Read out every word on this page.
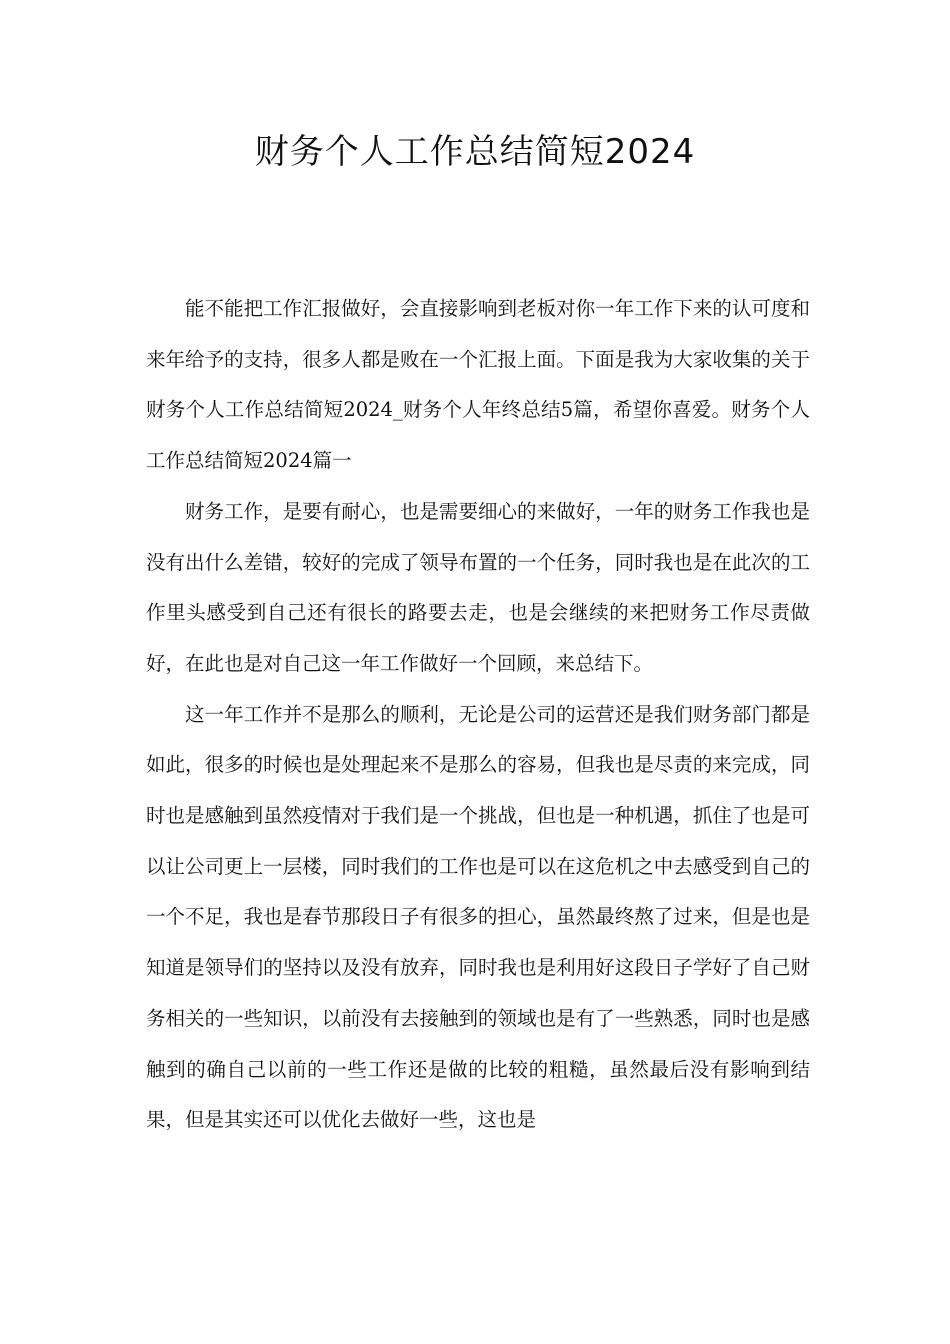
财务个人工作总结简短2024

能不能把工作汇报做好，会直接影响到老板对你一年工作下来的认可度和来年给予的支持，很多人都是败在一个汇报上面。下面是我为大家收集的关于财务个人工作总结简短2024_财务个人年终总结5篇，希望你喜爱。财务个人工作总结简短2024篇一

财务工作，是要有耐心，也是需要细心的来做好，一年的财务工作我也是没有出什么差错，较好的完成了领导布置的一个任务，同时我也是在此次的工作里头感受到自己还有很长的路要去走，也是会继续的来把财务工作尽责做好，在此也是对自己这一年工作做好一个回顾，来总结下。

这一年工作并不是那么的顺利，无论是公司的运营还是我们财务部门都是如此，很多的时候也是处理起来不是那么的容易，但我也是尽责的来完成，同时也是感触到虽然疫情对于我们是一个挑战，但也是一种机遇，抓住了也是可以让公司更上一层楼，同时我们的工作也是可以在这危机之中去感受到自己的一个不足，我也是春节那段日子有很多的担心，虽然最终熬了过来，但是也是知道是领导们的坚持以及没有放弃，同时我也是利用好这段日子学好了自己财务相关的一些知识，以前没有去接触到的领域也是有了一些熟悉，同时也是感触到的确自己以前的一些工作还是做的比较的粗糙，虽然最后没有影响到结果，但是其实还可以优化去做好一些，这也是
